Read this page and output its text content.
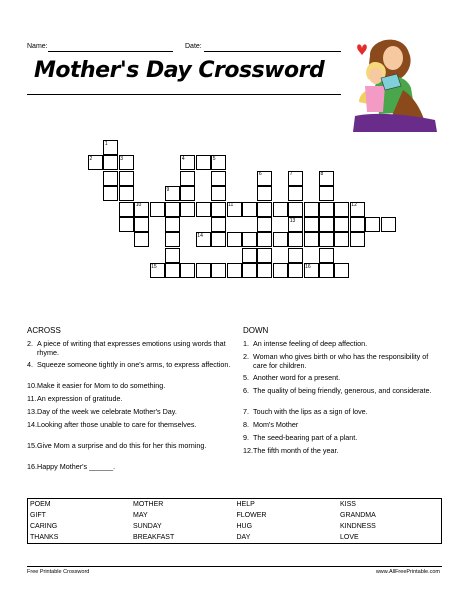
Name:	Date:
Mother's Day Crossword
1
2	3	4	5
6	7	8
9
10	11	12
13
14
15	16
ACROSS
2. A piece of writing that expresses emotions using words that rhyme.
4. Squeeze someone tightly in one's arms, to express affection.
10. Make it easier for Mom to do something.
11. An expression of gratitude.
13. Day of the week we celebrate Mother's Day.
14. Looking after those unable to care for themselves.
15. Give Mom a surprise and do this for her this morning.
16. Happy Mother's ______.
DOWN
1. An intense feeling of deep affection.
2. Woman who gives birth or who has the responsibility of care for children.
5. Another word for a present.
6. The quality of being friendly, generous, and considerate.
7. Touch with the lips as a sign of love.
8. Mom's Mother
9. The seed-bearing part of a plant.
12. The fifth month of the year.
POEM	MOTHER	HELP	KISS
GIFT	MAY	FLOWER	GRANDMA
CARING	SUNDAY	HUG	KINDNESS
THANKS	BREAKFAST	DAY	LOVE
Free Printable Crossword	www.AllFreePrintable.com
